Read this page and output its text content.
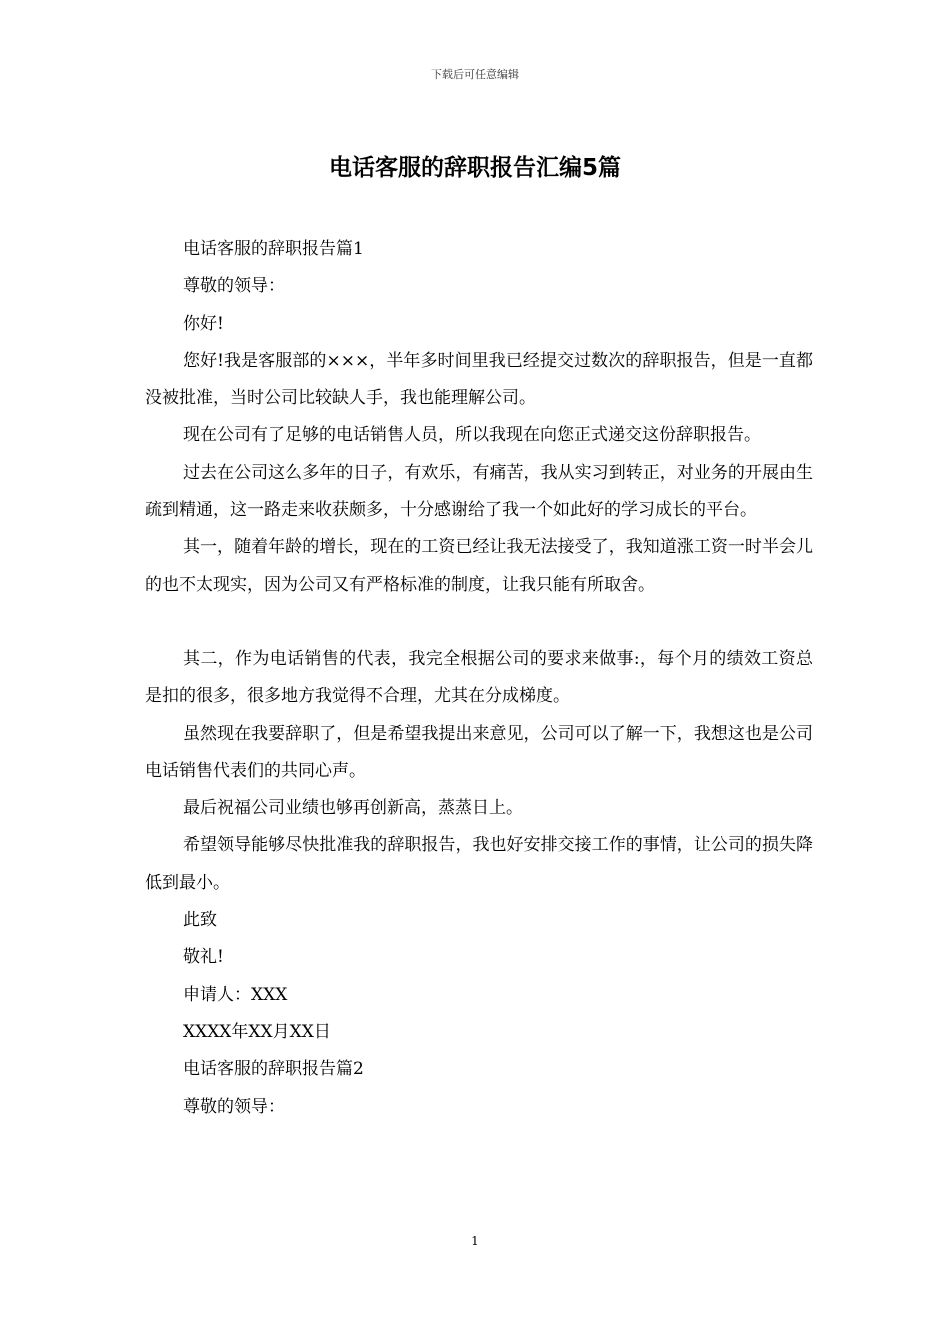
下载后可任意编辑
电话客服的辞职报告汇编5篇

电话客服的辞职报告篇1

尊敬的领导：

你好!

您好!我是客服部的×××，半年多时间里我已经提交过数次的辞职报告，但是一直都没被批准，当时公司比较缺人手，我也能理解公司。

现在公司有了足够的电话销售人员，所以我现在向您正式递交这份辞职报告。

过去在公司这么多年的日子，有欢乐，有痛苦，我从实习到转正，对业务的开展由生疏到精通，这一路走来收获颇多，十分感谢给了我一个如此好的学习成长的平台。

其一，随着年龄的增长，现在的工资已经让我无法接受了，我知道涨工资一时半会儿的也不太现实，因为公司又有严格标准的制度，让我只能有所取舍。

其二，作为电话销售的代表，我完全根据公司的要求来做事:，每个月的绩效工资总是扣的很多，很多地方我觉得不合理，尤其在分成梯度。

虽然现在我要辞职了，但是希望我提出来意见，公司可以了解一下，我想这也是公司电话销售代表们的共同心声。

最后祝福公司业绩也够再创新高，蒸蒸日上。

希望领导能够尽快批准我的辞职报告，我也好安排交接工作的事情，让公司的损失降低到最小。

此致

敬礼!

申请人：XXX

XXXX年XX月XX日

电话客服的辞职报告篇2

尊敬的领导：

1
